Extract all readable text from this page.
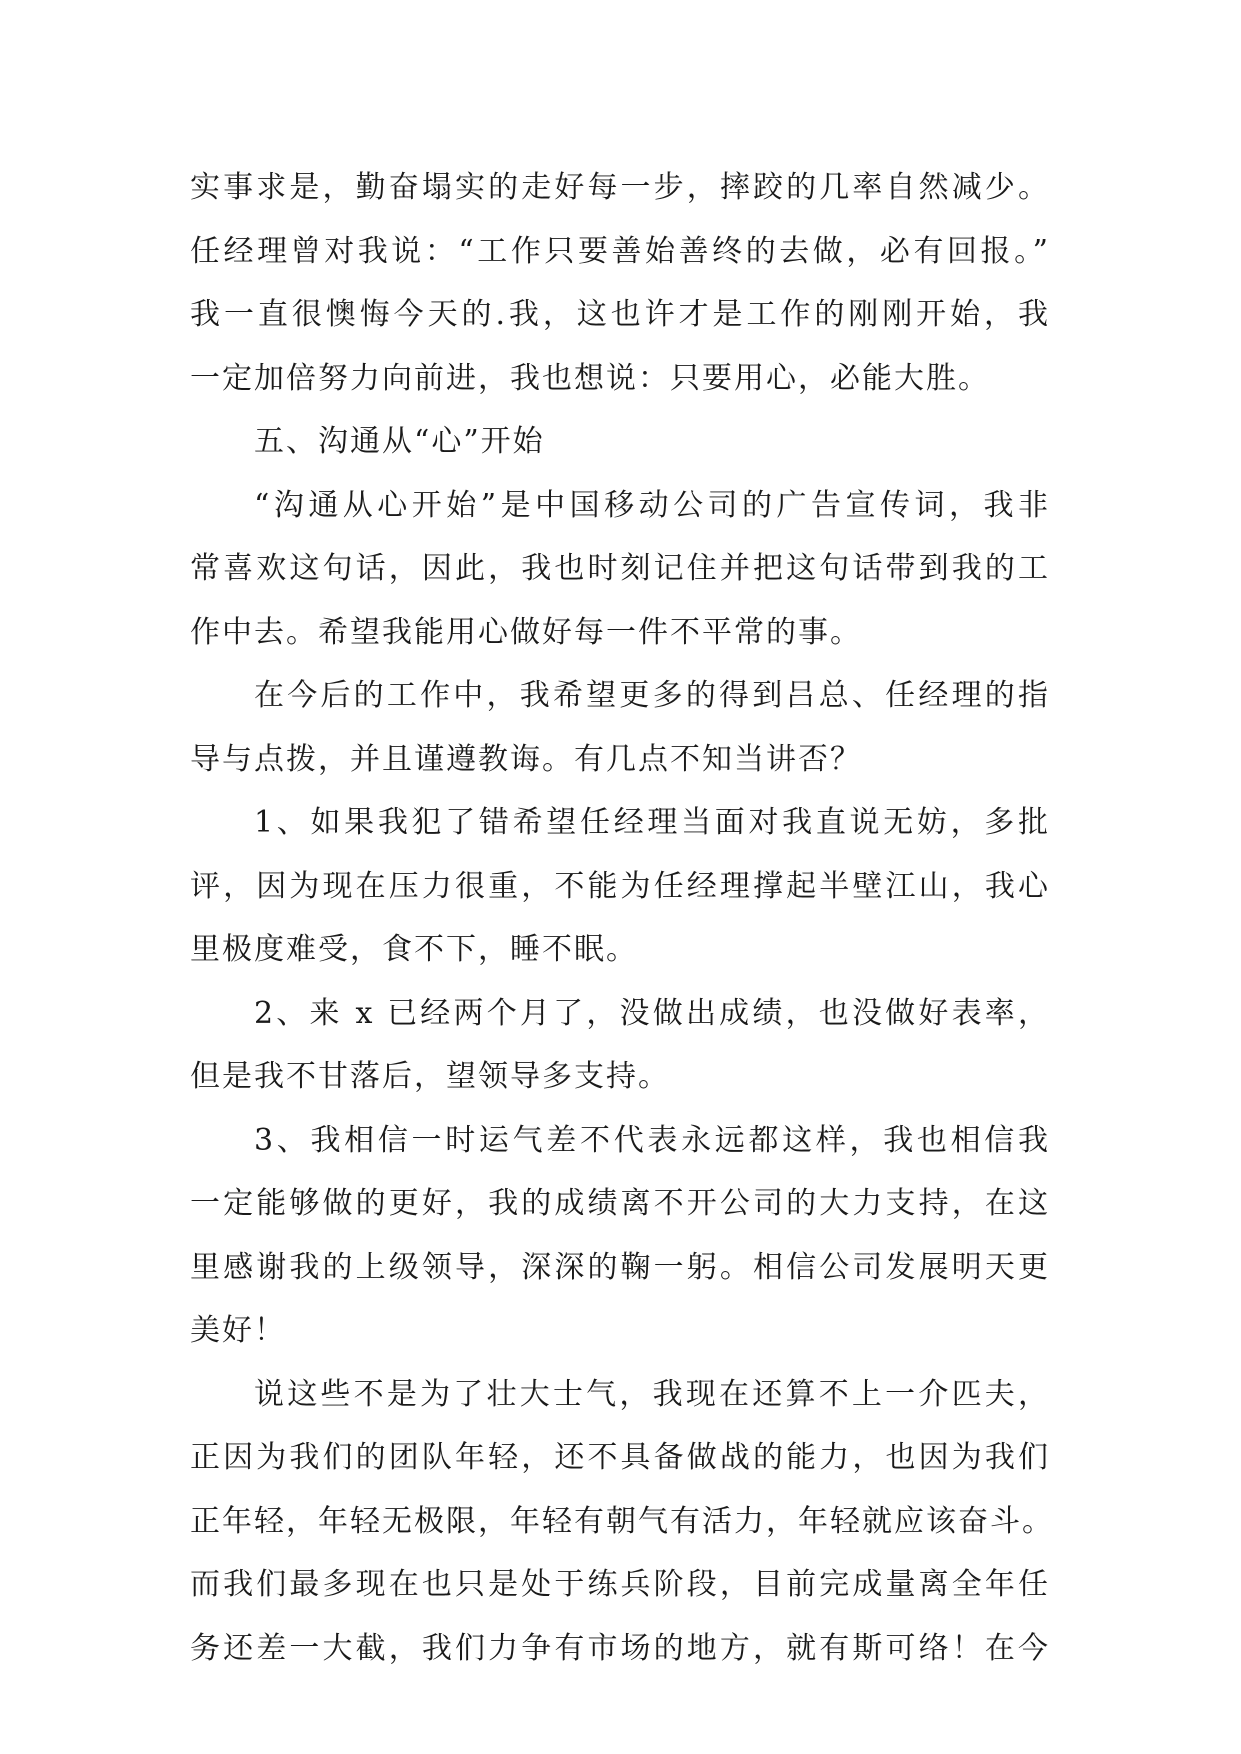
实事求是，勤奋塌实的走好每一步，摔跤的几率自然减少。
任经理曾对我说：“工作只要善始善终的去做，必有回报。”
我一直很懊悔今天的.我，这也许才是工作的刚刚开始，我
一定加倍努力向前进，我也想说：只要用心，必能大胜。
五、沟通从“心”开始
“沟通从心开始”是中国移动公司的广告宣传词，我非
常喜欢这句话，因此，我也时刻记住并把这句话带到我的工
作中去。希望我能用心做好每一件不平常的事。
在今后的工作中，我希望更多的得到吕总、任经理的指
导与点拨，并且谨遵教诲。有几点不知当讲否？
1、如果我犯了错希望任经理当面对我直说无妨，多批
评，因为现在压力很重，不能为任经理撑起半壁江山，我心
里极度难受，食不下，睡不眠。
2、来 x 已经两个月了，没做出成绩，也没做好表率，
但是我不甘落后，望领导多支持。
3、我相信一时运气差不代表永远都这样，我也相信我
一定能够做的更好，我的成绩离不开公司的大力支持，在这
里感谢我的上级领导，深深的鞠一躬。相信公司发展明天更
美好！
说这些不是为了壮大士气，我现在还算不上一介匹夫，
正因为我们的团队年轻，还不具备做战的能力，也因为我们
正年轻，年轻无极限，年轻有朝气有活力，年轻就应该奋斗。
而我们最多现在也只是处于练兵阶段，目前完成量离全年任
务还差一大截，我们力争有市场的地方，就有斯可络！在今
